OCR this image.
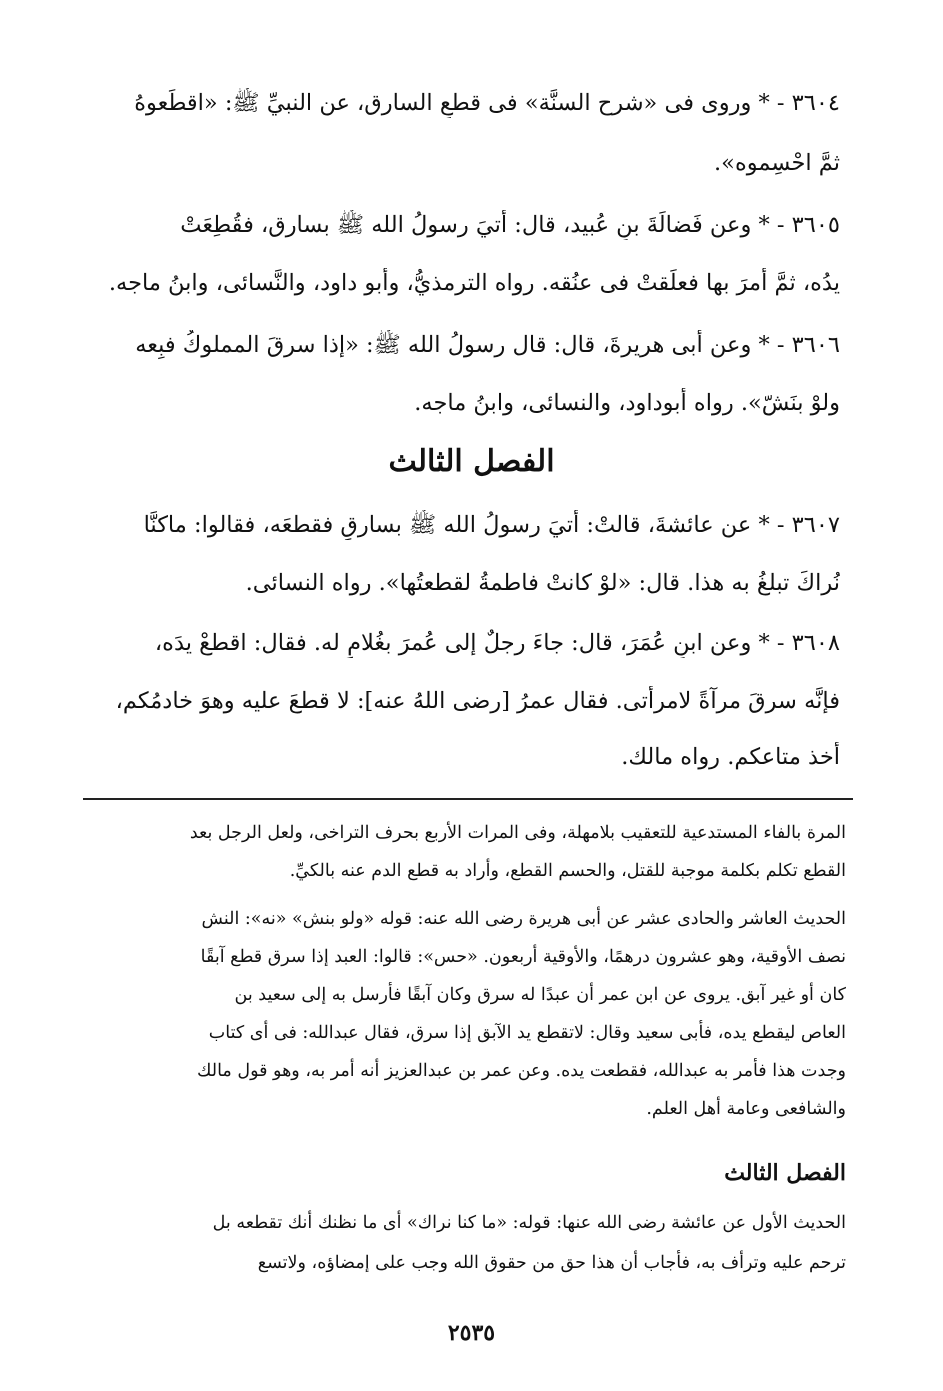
٣٦٠٤ - * وروى فى «شرح السنَّة» فى قطعِ السارق، عن النبيِّ ﷺ: «اقطَعوهُ
ثمَّ احْسِموه».
٣٦٠٥ - * وعن فَضالَةَ بنِ عُبيد، قال: أُتيَ رسولُ الله ﷺ بسارق، فقُطِعَتْ
يدُه، ثمَّ أمرَ بها فعلِّقتْ فى عنُقه. رواه الترمذيُّ، وأبو داود، والنَّسائى، وابنُ ماجه.
٣٦٠٦ - * وعن أبى هريرةَ، قال: قال رسولُ الله ﷺ: «إذا سرقَ المملوكُ فبِعه
ولوْ بنَشّ». رواه أبوداود، والنسائى، وابنُ ماجه.
الفصل الثالث
٣٦٠٧ - * عن عائشةَ، قالتْ: أُتيَ رسولُ الله ﷺ بسارقٍ فقطعَه، فقالوا: ماكنَّا
نُراكَ تبلغُ به هذا. قال: «لوْ كانتْ فاطمةُ لقطعتُها». رواه النسائى.
٣٦٠٨ - * وعن ابنِ عُمَرَ، قال: جاءَ رجلٌ إلى عُمرَ بغُلامٍ له. فقال: اقطعْ يدَه،
فإنَّه سرقَ مرآةً لامرأتى. فقال عمرُ [رضى اللهُ عنه]: لا قطعَ عليه وهوَ خادمُكم،
أخذ متاعكم. رواه مالك.
المرة بالفاء المستدعية للتعقيب بلامهلة، وفى المرات الأربع بحرف التراخى، ولعل الرجل بعد
القطع تكلم بكلمة موجبة للقتل، والحسم القطع، وأراد به قطع الدم عنه بالكيِّ.
الحديث العاشر والحادى عشر عن أبى هريرة رضى الله عنه: قوله «ولو بنش» «نه»: النش
نصف الأوقية، وهو عشرون درهمًا، والأوقية أربعون. «حس»: قالوا: العبد إذا سرق قطع آبقًا
كان أو غير آبق. يروى عن ابن عمر أن عبدًا له سرق وكان آبقًا فأرسل به إلى سعيد بن
العاص ليقطع يده، فأبى سعيد وقال: لاتقطع يد الآبق إذا سرق، فقال عبدالله: فى أى كتاب
وجدت هذا فأمر به عبدالله، فقطعت يده. وعن عمر بن عبدالعزيز أنه أمر به، وهو قول مالك
والشافعى وعامة أهل العلم.
الفصل الثالث
الحديث الأول عن عائشة رضى الله عنها: قوله: «ما كنا نراك» أى ما نظنك أنك تقطعه بل
ترحم عليه وترأف به، فأجاب أن هذا حق من حقوق الله وجب على إمضاؤه، ولاتسع
٢٥٣٥
